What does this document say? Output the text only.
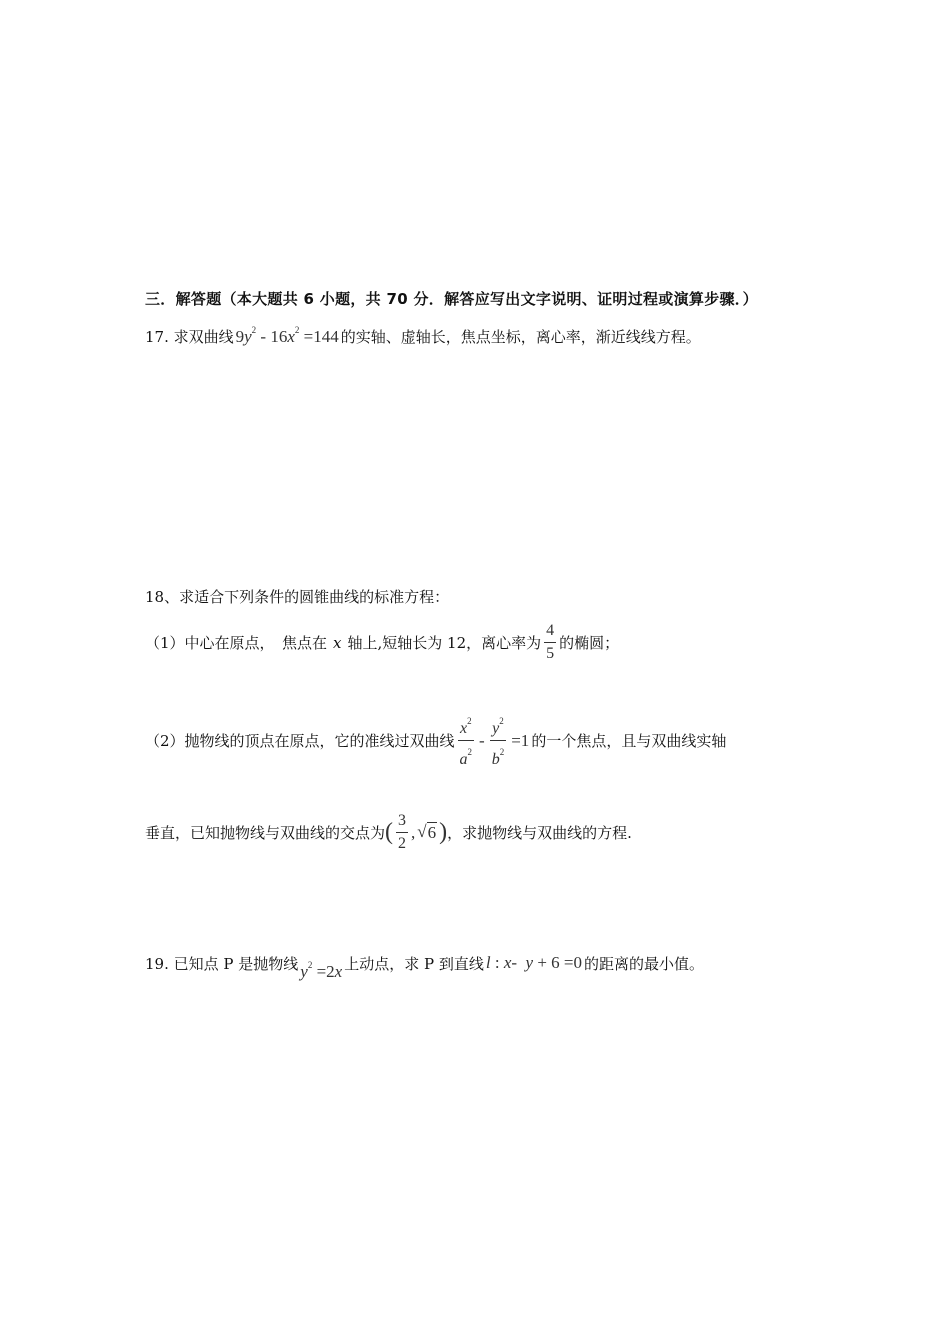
三．解答题（本大题共 6 小题，共 70 分．解答应写出文字说明、证明过程或演算步骤．）
17. 求双曲线 $9y^2 - 16x^2 =144$ 的实轴、虚轴长，焦点坐标，离心率，渐近线线方程。
18、求适合下列条件的圆锥曲线的标准方程：
（1）中心在原点，　焦点在 x 轴上,短轴长为 12，离心率为 $\frac{4}{5}$ 的椭圆；
（2）抛物线的顶点在原点，它的准线过双曲线 $\frac{x^2}{a^2} - \frac{y^2}{b^2} =1$ 的一个焦点，且与双曲线实轴
垂直，已知抛物线与双曲线的交点为 ( $\frac{3}{2}$ , √ 6 ) ，求抛物线与双曲线的方程.
19. 已知点 P 是抛物线 $y^2 =2x$ 上动点，求 P 到直线 l : x-  y + 6 =0 的距离的最小值。
